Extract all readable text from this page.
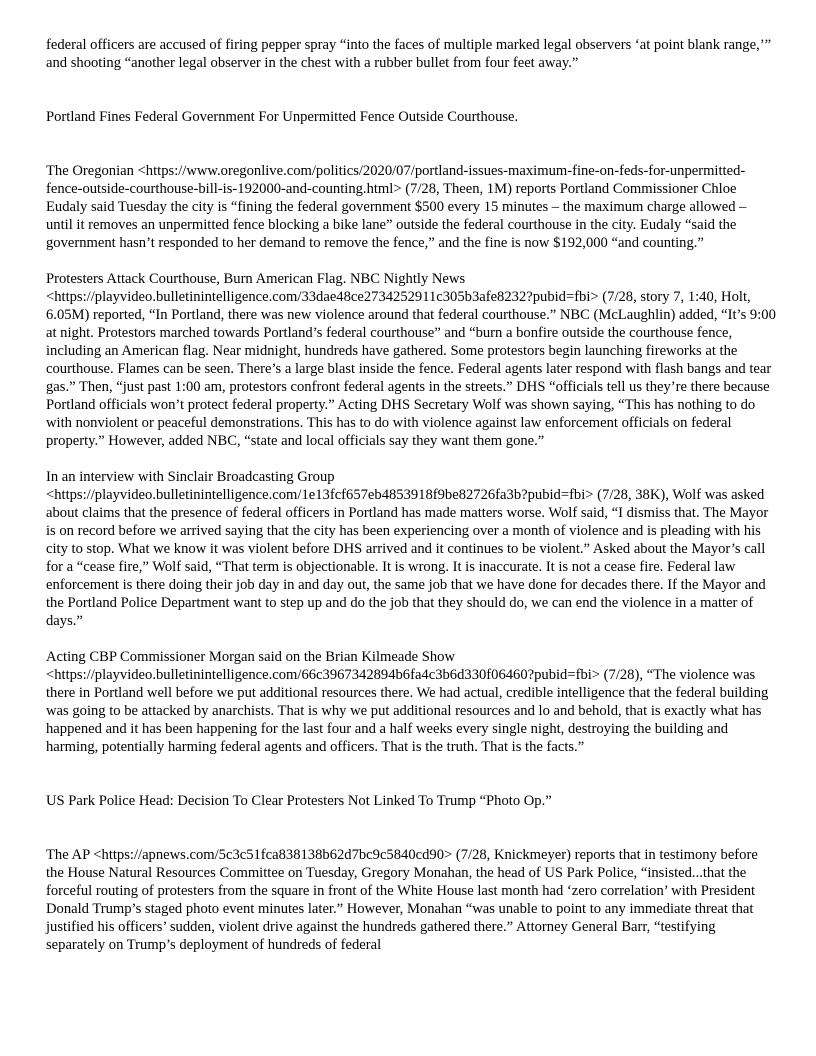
federal officers are accused of firing pepper spray “into the faces of multiple marked legal observers ‘at point blank range,’” and shooting “another legal observer in the chest with a rubber bullet from four feet away.”

Portland Fines Federal Government For Unpermitted Fence Outside Courthouse.

The Oregonian <https://www.oregonlive.com/politics/2020/07/portland-issues-maximum-fine-on-feds-for-unpermitted-fence-outside-courthouse-bill-is-192000-and-counting.html> (7/28, Theen, 1M) reports Portland Commissioner Chloe Eudaly said Tuesday the city is “fining the federal government $500 every 15 minutes – the maximum charge allowed – until it removes an unpermitted fence blocking a bike lane” outside the federal courthouse in the city. Eudaly “said the government hasn’t responded to her demand to remove the fence,” and the fine is now $192,000 “and counting.”

Protesters Attack Courthouse, Burn American Flag. NBC Nightly News <https://playvideo.bulletinintelligence.com/33dae48ce2734252911c305b3afe8232?pubid=fbi> (7/28, story 7, 1:40, Holt, 6.05M) reported, “In Portland, there was new violence around that federal courthouse.” NBC (McLaughlin) added, “It’s 9:00 at night. Protestors marched towards Portland’s federal courthouse” and “burn a bonfire outside the courthouse fence, including an American flag. Near midnight, hundreds have gathered. Some protestors begin launching fireworks at the courthouse. Flames can be seen. There’s a large blast inside the fence. Federal agents later respond with flash bangs and tear gas.” Then, “just past 1:00 am, protestors confront federal agents in the streets.” DHS “officials tell us they’re there because Portland officials won’t protect federal property.” Acting DHS Secretary Wolf was shown saying, “This has nothing to do with nonviolent or peaceful demonstrations. This has to do with violence against law enforcement officials on federal property.” However, added NBC, “state and local officials say they want them gone.”

In an interview with Sinclair Broadcasting Group <https://playvideo.bulletinintelligence.com/1e13fcf657eb4853918f9be82726fa3b?pubid=fbi> (7/28, 38K), Wolf was asked about claims that the presence of federal officers in Portland has made matters worse. Wolf said, “I dismiss that. The Mayor is on record before we arrived saying that the city has been experiencing over a month of violence and is pleading with his city to stop. What we know it was violent before DHS arrived and it continues to be violent.” Asked about the Mayor’s call for a “cease fire,” Wolf said, “That term is objectionable. It is wrong. It is inaccurate. It is not a cease fire. Federal law enforcement is there doing their job day in and day out, the same job that we have done for decades there. If the Mayor and the Portland Police Department want to step up and do the job that they should do, we can end the violence in a matter of days.”

Acting CBP Commissioner Morgan said on the Brian Kilmeade Show <https://playvideo.bulletinintelligence.com/66c3967342894b6fa4c3b6d330f06460?pubid=fbi> (7/28), “The violence was there in Portland well before we put additional resources there. We had actual, credible intelligence that the federal building was going to be attacked by anarchists. That is why we put additional resources and lo and behold, that is exactly what has happened and it has been happening for the last four and a half weeks every single night, destroying the building and harming, potentially harming federal agents and officers. That is the truth. That is the facts.”

US Park Police Head: Decision To Clear Protesters Not Linked To Trump “Photo Op.”

The AP <https://apnews.com/5c3c51fca838138b62d7bc9c5840cd90> (7/28, Knickmeyer) reports that in testimony before the House Natural Resources Committee on Tuesday, Gregory Monahan, the head of US Park Police, “insisted...that the forceful routing of protesters from the square in front of the White House last month had ‘zero correlation’ with President Donald Trump’s staged photo event minutes later.” However, Monahan “was unable to point to any immediate threat that justified his officers’ sudden, violent drive against the hundreds gathered there.” Attorney General Barr, “testifying separately on Trump’s deployment of hundreds of federal
